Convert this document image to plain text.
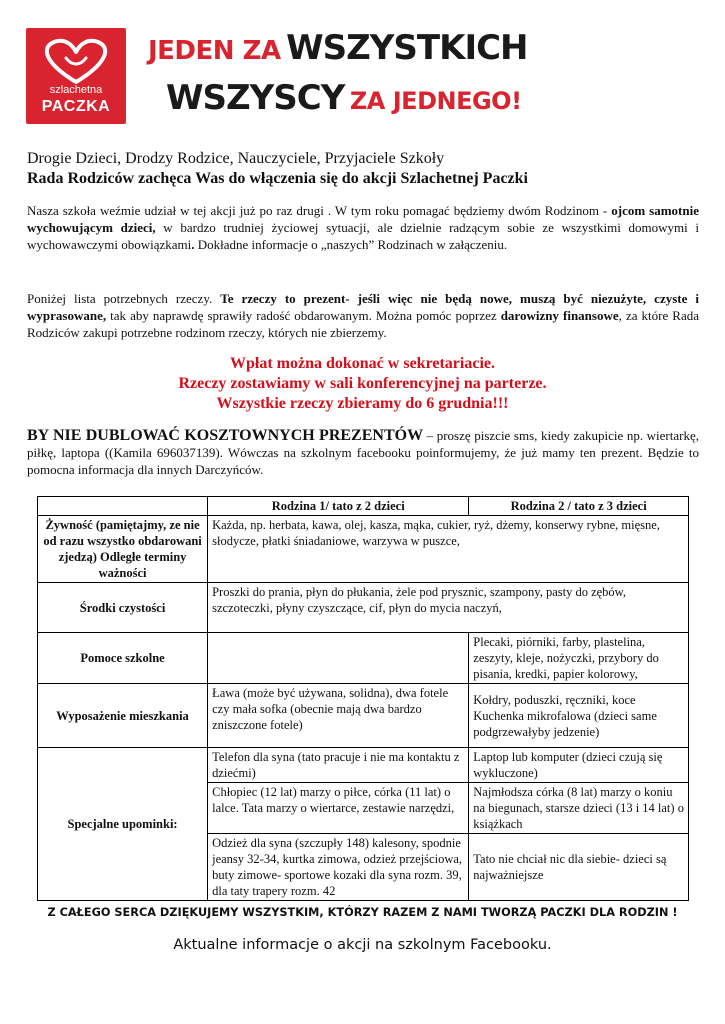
szlachetna
PACZKA
JEDEN ZA WSZYSTKICH
WSZYSCY ZA JEDNEGO!
Drogie Dzieci, Drodzy Rodzice, Nauczyciele, Przyjaciele Szkoły
Rada Rodziców zachęca Was do włączenia się do akcji Szlachetnej Paczki
Nasza szkoła weźmie udział w tej akcji już po raz drugi . W tym roku pomagać będziemy dwóm Rodzinom - ojcom samotnie wychowującym dzieci, w bardzo trudniej życiowej sytuacji, ale dzielnie radzącym sobie ze wszystkimi domowymi i wychowawczymi obowiązkami. Dokładne informacje o „naszych” Rodzinach w załączeniu.
Poniżej lista potrzebnych rzeczy. Te rzeczy to prezent- jeśli więc nie będą nowe, muszą być niezużyte, czyste i wyprasowane, tak aby naprawdę sprawiły radość obdarowanym. Można pomóc poprzez darowizny finansowe, za które Rada Rodziców zakupi potrzebne rodzinom rzeczy, których nie zbierzemy.
Wpłat można dokonać w sekretariacie.
Rzeczy zostawiamy w sali konferencyjnej na parterze.
Wszystkie rzeczy zbieramy do 6 grudnia!!!
BY NIE DUBLOWAĆ KOSZTOWNYCH PREZENTÓW – proszę piszcie sms, kiedy zakupicie np. wiertarkę, piłkę, laptopa ((Kamila 696037139). Wówczas na szkolnym facebooku poinformujemy, że już mamy ten prezent. Będzie to pomocna informacja dla innych Darczyńców.
	Rodzina 1/ tato z 2 dzieci	Rodzina 2 / tato z 3 dzieci
Żywność (pamiętajmy, ze nie od razu wszystko obdarowani zjedzą) Odległe terminy ważności	Każda, np. herbata, kawa, olej, kasza, mąka, cukier, ryż, dżemy, konserwy rybne, mięsne, słodycze, płatki śniadaniowe, warzywa w puszce,	
Środki czystości	Proszki do prania, płyn do płukania, żele pod prysznic, szampony, pasty do zębów, szczoteczki, płyny czyszczące, cif, płyn do mycia naczyń,	
Pomoce szkolne		Plecaki, piórniki, farby, plastelina, zeszyty, kleje, nożyczki, przybory do pisania, kredki, papier kolorowy,
Wyposażenie mieszkania	Ława (może być używana, solidna), dwa fotele czy mała sofka (obecnie mają dwa bardzo zniszczone fotele)	Kołdry, poduszki, ręczniki, koce Kuchenka mikrofalowa (dzieci same podgrzewałyby jedzenie)
Specjalne upominki:	Telefon dla syna (tato pracuje i nie ma kontaktu z dziećmi)	Laptop lub komputer (dzieci czują się wykluczone)
	Chłopiec (12 lat) marzy o piłce, córka (11 lat) o lalce. Tata marzy o wiertarce, zestawie narzędzi,	Najmłodsza córka (8 lat) marzy o koniu na biegunach, starsze dzieci (13 i 14 lat) o książkach
	Odzież dla syna (szczupły 148) kalesony, spodnie jeansy 32-34, kurtka zimowa, odzież przejściowa, buty zimowe- sportowe kozaki dla syna rozm. 39, dla taty trapery rozm. 42	Tato nie chciał nic dla siebie- dzieci są najważniejsze
Z CAŁEGO SERCA DZIĘKUJEMY WSZYSTKIM, KTÓRZY RAZEM Z NAMI TWORZĄ PACZKI DLA RODZIN !
Aktualne informacje o akcji na szkolnym Facebooku.
